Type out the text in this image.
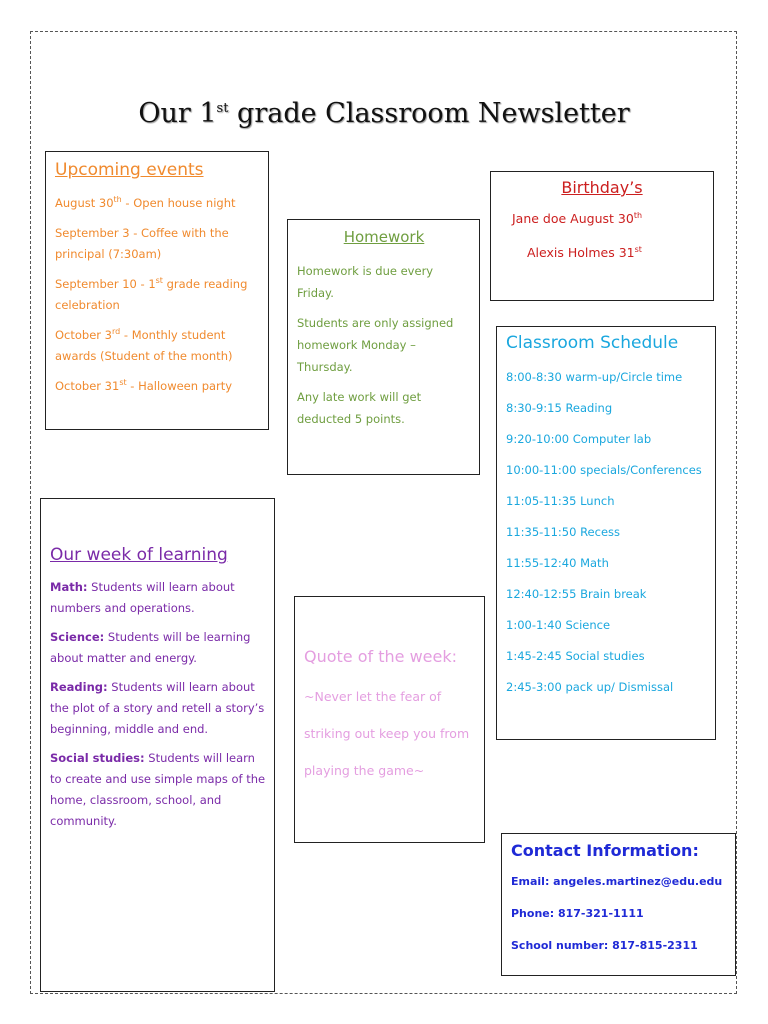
Our 1st grade Classroom Newsletter

Upcoming events

August 30th - Open house night

September 3 - Coffee with the principal (7:30am)

September 10 - 1st grade reading celebration

October 3rd - Monthly student awards (Student of the month)

October 31st - Halloween party

Homework

Homework is due every Friday.

Students are only assigned homework Monday – Thursday.

Any late work will get deducted 5 points.

Birthday’s

Jane doe August 30th

Alexis Holmes 31st

Classroom Schedule

8:00-8:30 warm-up/Circle time

8:30-9:15 Reading

9:20-10:00 Computer lab

10:00-11:00 specials/Conferences

11:05-11:35 Lunch

11:35-11:50 Recess

11:55-12:40 Math

12:40-12:55 Brain break

1:00-1:40 Science

1:45-2:45 Social studies

2:45-3:00 pack up/ Dismissal

Our week of learning

Math: Students will learn about numbers and operations.

Science: Students will be learning about matter and energy.

Reading: Students will learn about the plot of a story and retell a story’s beginning, middle and end.

Social studies: Students will learn to create and use simple maps of the home, classroom, school, and community.

Quote of the week:

~Never let the fear of striking out keep you from playing the game~

Contact Information:

Email: angeles.martinez@edu.edu

Phone: 817-321-1111

School number: 817-815-2311
